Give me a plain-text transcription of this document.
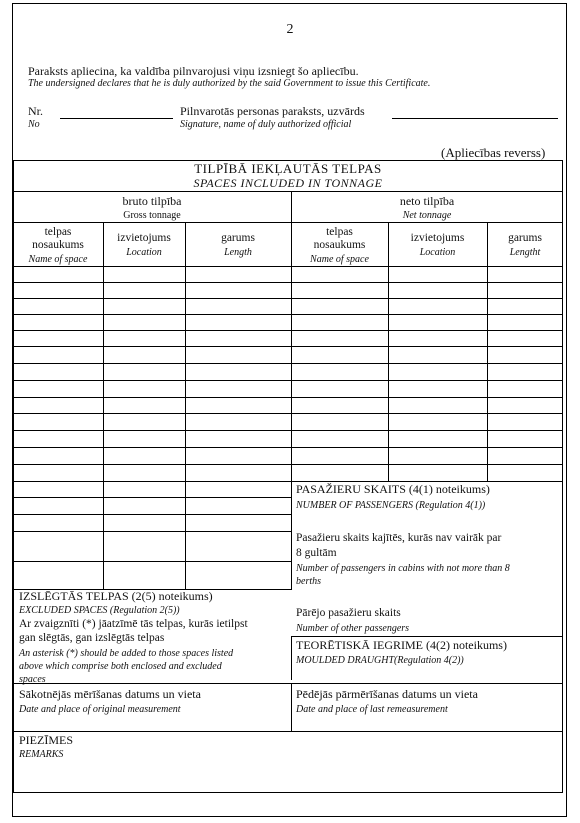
2
Paraksts apliecina, ka valdība pilnvarojusi viņu izsniegt šo apliecību.
The undersigned declares that he is duly authorized by the said Government to issue this Certificate.
Nr.
No
Pilnvarotās personas paraksts, uzvārds
Signature, name of duly authorized official
(Apliecības reverss)
TILPĪBĀ IEKĻAUTĀS TELPAS
SPACES INCLUDED IN TONNAGE
bruto tilpība
Gross tonnage
neto tilpība
Net tonnage
telpas
nosaukums
Name of space
izvietojums
Location
garums
Length
telpas
nosaukums
Name of space
izvietojums
Location
garums
Lengtht
PASAŽIERU SKAITS (4(1) noteikums)
NUMBER OF PASSENGERS (Regulation 4(1))
Pasažieru skaits kajītēs, kurās nav vairāk par
8 gultām
Number of passengers in cabins with not more than 8
berths
Pārējo pasažieru skaits
Number of other passengers
TEORĒTISKĀ IEGRIME (4(2) noteikums)
MOULDED DRAUGHT(Regulation 4(2))
IZSLĒGTĀS TELPAS (2(5) noteikums)
EXCLUDED SPACES (Regulation 2(5))
Ar zvaigznīti (*) jāatzīmē tās telpas, kurās ietilpst
gan slēgtās, gan izslēgtās telpas
An asterisk (*) should be added to those spaces listed
above which comprise both enclosed and excluded
spaces
Sākotnējās mērīšanas datums un vieta
Date and place of original measurement
Pēdējās pārmērīšanas datums un vieta
Date and place of last remeasurement
PIEZĪMES
REMARKS
